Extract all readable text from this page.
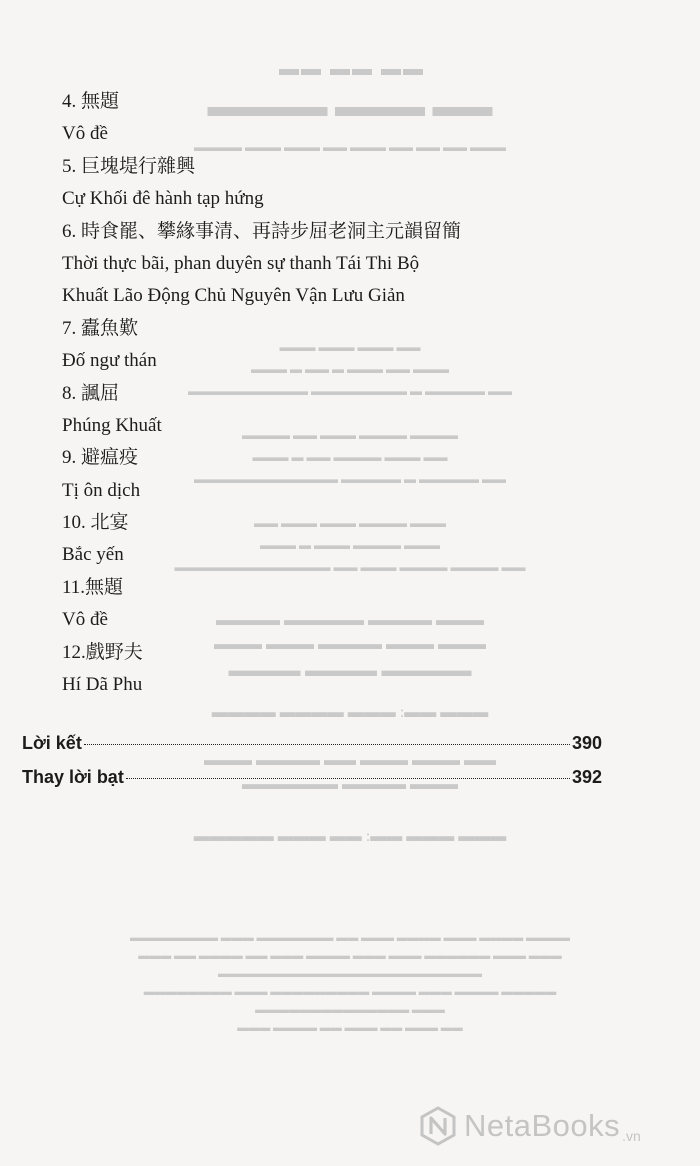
▬▬ ▬▬ ▬▬
▬▬ ▬▬▬ ▬▬▬▬
▬▬▬ ▬▬ ▬▬ ▬▬ ▬▬▬ ▬▬ ▬▬▬ ▬▬▬ ▬▬▬▬
▬▬ ▬▬▬ ▬▬▬ ▬▬▬
▬▬▬ ▬▬ ▬▬▬ ▬ ▬▬ ▬ ▬▬▬
▬▬ ▬▬▬▬▬ ▬ ▬▬▬▬▬▬▬▬ ▬▬▬▬▬▬▬▬▬▬
▬▬▬▬ ▬▬▬▬ ▬▬▬ ▬▬ ▬▬▬▬
▬▬ ▬▬▬ ▬▬▬▬ ▬▬ ▬ ▬▬▬
▬▬ ▬▬▬▬▬ ▬ ▬▬▬▬▬ ▬▬▬▬▬▬▬▬▬▬▬▬
▬▬▬ ▬▬▬▬ ▬▬▬ ▬▬▬ ▬▬
▬▬▬ ▬▬▬▬ ▬▬▬ ▬ ▬▬▬
▬▬ ▬▬▬▬ ▬▬▬▬ ▬▬▬ ▬▬ ▬▬▬▬▬▬▬▬▬▬▬▬▬
▬▬▬ ▬▬▬▬ ▬▬▬▬▬ ▬▬▬▬
▬▬▬ ▬▬▬ ▬▬▬▬ ▬▬▬ ▬▬▬
▬▬▬▬▬ ▬▬▬▬ ▬▬▬▬
▬▬▬ ▬▬: ▬▬▬ ▬▬▬▬ ▬▬▬▬
▬▬ ▬▬▬ ▬▬▬ ▬▬ ▬▬▬▬ ▬▬▬
▬▬▬ ▬▬▬▬ ▬▬▬▬▬▬
▬▬▬ ▬▬▬ ▬▬: ▬▬ ▬▬▬ ▬▬▬▬▬
▬▬▬▬ ▬▬▬▬ ▬▬▬ ▬▬▬▬ ▬▬▬ ▬▬ ▬▬▬▬▬▬▬ ▬▬▬ ▬▬▬▬▬▬▬▬
▬▬▬ ▬▬▬ ▬▬▬▬▬▬ ▬▬▬ ▬▬▬ ▬▬▬▬ ▬▬▬ ▬▬ ▬▬▬▬ ▬▬ ▬▬▬
▬▬▬▬▬▬▬▬▬▬▬▬▬▬▬▬▬▬▬▬▬▬▬▬
▬▬▬▬▬ ▬▬▬▬ ▬▬▬ ▬▬▬▬ ▬▬▬▬▬▬▬▬▬ ▬▬▬ ▬▬▬▬▬▬▬▬
▬▬▬ ▬▬▬▬▬▬▬▬▬▬▬▬▬▬
▬▬ ▬▬▬ ▬▬ ▬▬▬ ▬▬ ▬▬▬▬ ▬▬▬
4. 無題
Vô đề
5. 巨塊堤行雜興
Cự Khối đê hành tạp hứng
6. 時食罷、攀緣事清、再詩步屈老洞主元韻留簡
Thời thực bãi, phan duyên sự thanh Tái Thi Bộ
Khuất Lão Động Chủ Nguyên Vận Lưu Giản
7. 蠹魚歎
Đố ngư thán
8. 諷屈
Phúng Khuất
9. 避瘟疫
Tị ôn dịch
10. 北宴
Bắc yến
11.無題
Vô đề
12.戲野夫
Hí Dã Phu
Lời kết	390
Thay lời bạt	392
NetaBooks .vn
